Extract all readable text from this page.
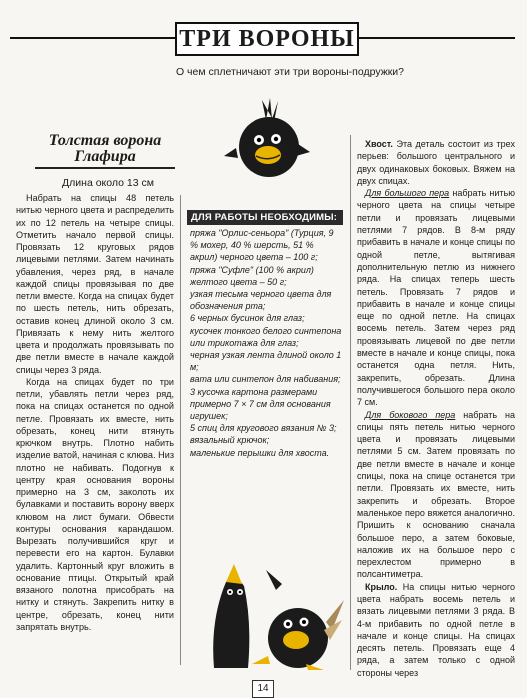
ТРИ ВОРОНЫ
О чем сплетничают эти три вороны-подружки?
Толстая ворона
Глафира
Длина около 13 см

Набрать на спицы 48 петель нитью черного цвета и распределить их по 12 петель на четыре спицы. Отметить начало первой спицы. Провязать 12 круговых рядов лицевыми петлями. Затем начинать убавления, через ряд, в начале каждой спицы провязывая по две петли вместе. Когда на спицах будет по шесть петель, нить обрезать, оставив конец длиной около 3 см. Привязать к нему нить желтого цвета и продолжать провязывать по две петли вместе в начале каждой спицы через 3 ряда.

Когда на спицах будет по три петли, убавлять петли через ряд, пока на спицах останется по одной петле. Провязать их вместе, нить обрезать, конец нити втянуть крючком внутрь. Плотно набить изделие ватой, начиная с клюва. Низ плотно не набивать. Подогнув к центру края основания вороны примерно на 3 см, заколоть их булавками и поставить ворону вверх клювом на лист бумаги. Обвести контуры основания карандашом. Вырезать получившийся круг и перевести его на картон. Булавки удалить. Картонный круг вложить в основание птицы. Открытый край вязаного полотна присобрать на нитку и стянуть. Закрепить нитку в центре, обрезать, конец нити запрятать внутрь.

ДЛЯ РАБОТЫ НЕОБХОДИМЫ:
пряжа "Орлис-сеньора" (Турция, 9 % мохер, 40 % шерсть, 51 % акрил) черного цвета – 100 г;
пряжа "Суфле" (100 % акрил) желтого цвета – 50 г;
узкая тесьма черного цвета для обозначения рта;
6 черных бусинок для глаз;
кусочек тонкого белого синтепона или трикотажа для глаз;
черная узкая лента длиной около 1 м;
вата или синтепон для набивания;
3 кусочка картона размерами примерно 7 × 7 см для основания игрушек;
5 спиц для кругового вязания № 3;
вязальный крючок;
маленькие перышки для хвоста.

Хвост. Эта деталь состоит из трех перьев: большого центрального и двух одинаковых боковых. Вяжем на двух спицах.

Для большого пера набрать нитью черного цвета на спицы четыре петли и провязать лицевыми петлями 7 рядов. В 8-м ряду прибавить в начале и конце спицы по одной петле, вытягивая дополнительную петлю из нижнего ряда. На спицах теперь шесть петель. Провязать 7 рядов и прибавить в начале и конце спицы еще по одной петле. На спицах восемь петель. Затем через ряд провязывать лицевой по две петли вместе в начале и конце спицы, пока останется одна петля. Нить, закрепить, обрезать. Длина получившегося большого пера около 7 см.

Для бокового пера набрать на спицы пять петель нитью черного цвета и провязать лицевыми петлями 5 см. Затем провязать по две петли вместе в начале и конце спицы, пока на спице останется три петли. Провязать их вместе, нить закрепить и обрезать. Второе маленькое перо вяжется аналогично. Пришить к основанию сначала большое перо, а затем боковые, наложив их на большое перо с перехлестом примерно в полсантиметра.

Крыло. На спицы нитью черного цвета набрать восемь петель и вязать лицевыми петлями 3 ряда. В 4-м прибавить по одной петле в начале и конце спицы. На спицах десять петель. Провязать еще 4 ряда, а затем только с одной стороны через

14
